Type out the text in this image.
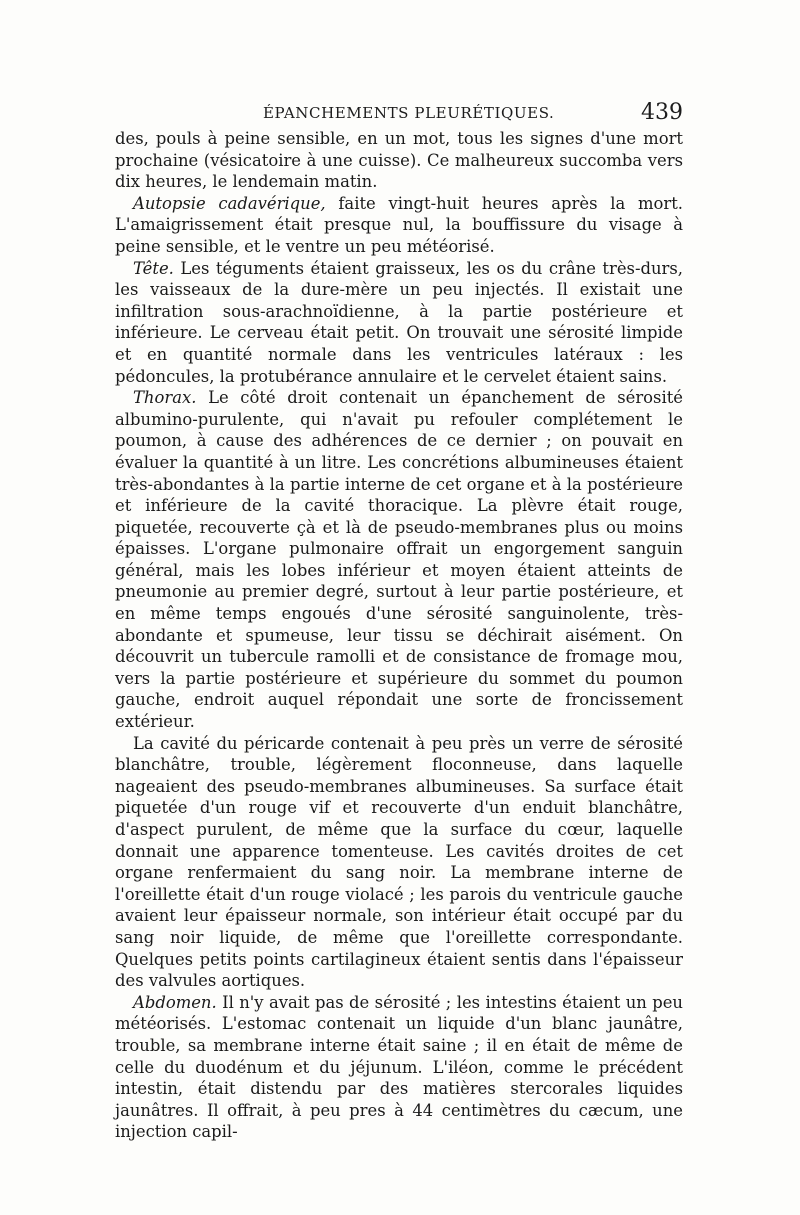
ÉPANCHEMENTS PLEURÉTIQUES.	439

des, pouls à peine sensible, en un mot, tous les signes d'une mort prochaine (vésicatoire à une cuisse). Ce malheureux succomba vers dix heures, le lendemain matin.

Autopsie cadavérique, faite vingt-huit heures après la mort. L'amaigrissement était presque nul, la bouffissure du visage à peine sensible, et le ventre un peu météorisé.

Tête. Les téguments étaient graisseux, les os du crâne très-durs, les vaisseaux de la dure-mère un peu injectés. Il existait une infiltration sous-arachnoïdienne, à la partie postérieure et inférieure. Le cerveau était petit. On trouvait une sérosité limpide et en quantité normale dans les ventricules latéraux : les pédoncules, la protubérance annulaire et le cervelet étaient sains.

Thorax. Le côté droit contenait un épanchement de sérosité albumino-purulente, qui n'avait pu refouler complétement le poumon, à cause des adhérences de ce dernier ; on pouvait en évaluer la quantité à un litre. Les concrétions albumineuses étaient très-abondantes à la partie interne de cet organe et à la postérieure et inférieure de la cavité thoracique. La plèvre était rouge, piquetée, recouverte çà et là de pseudo-membranes plus ou moins épaisses. L'organe pulmonaire offrait un engorgement sanguin général, mais les lobes inférieur et moyen étaient atteints de pneumonie au premier degré, surtout à leur partie postérieure, et en même temps engoués d'une sérosité sanguinolente, très-abondante et spumeuse, leur tissu se déchirait aisément. On découvrit un tubercule ramolli et de consistance de fromage mou, vers la partie postérieure et supérieure du sommet du poumon gauche, endroit auquel répondait une sorte de froncissement extérieur.

La cavité du péricarde contenait à peu près un verre de sérosité blanchâtre, trouble, légèrement floconneuse, dans laquelle nageaient des pseudo-membranes albumineuses. Sa surface était piquetée d'un rouge vif et recouverte d'un enduit blanchâtre, d'aspect purulent, de même que la surface du cœur, laquelle donnait une apparence tomenteuse. Les cavités droites de cet organe renfermaient du sang noir. La membrane interne de l'oreillette était d'un rouge violacé ; les parois du ventricule gauche avaient leur épaisseur normale, son intérieur était occupé par du sang noir liquide, de même que l'oreillette correspondante. Quelques petits points cartilagineux étaient sentis dans l'épaisseur des valvules aortiques.

Abdomen. Il n'y avait pas de sérosité ; les intestins étaient un peu météorisés. L'estomac contenait un liquide d'un blanc jaunâtre, trouble, sa membrane interne était saine ; il en était de même de celle du duodénum et du jéjunum. L'iléon, comme le précédent intestin, était distendu par des matières stercorales liquides jaunâtres. Il offrait, à peu pres à 44 centimètres du cæcum, une injection capil-
